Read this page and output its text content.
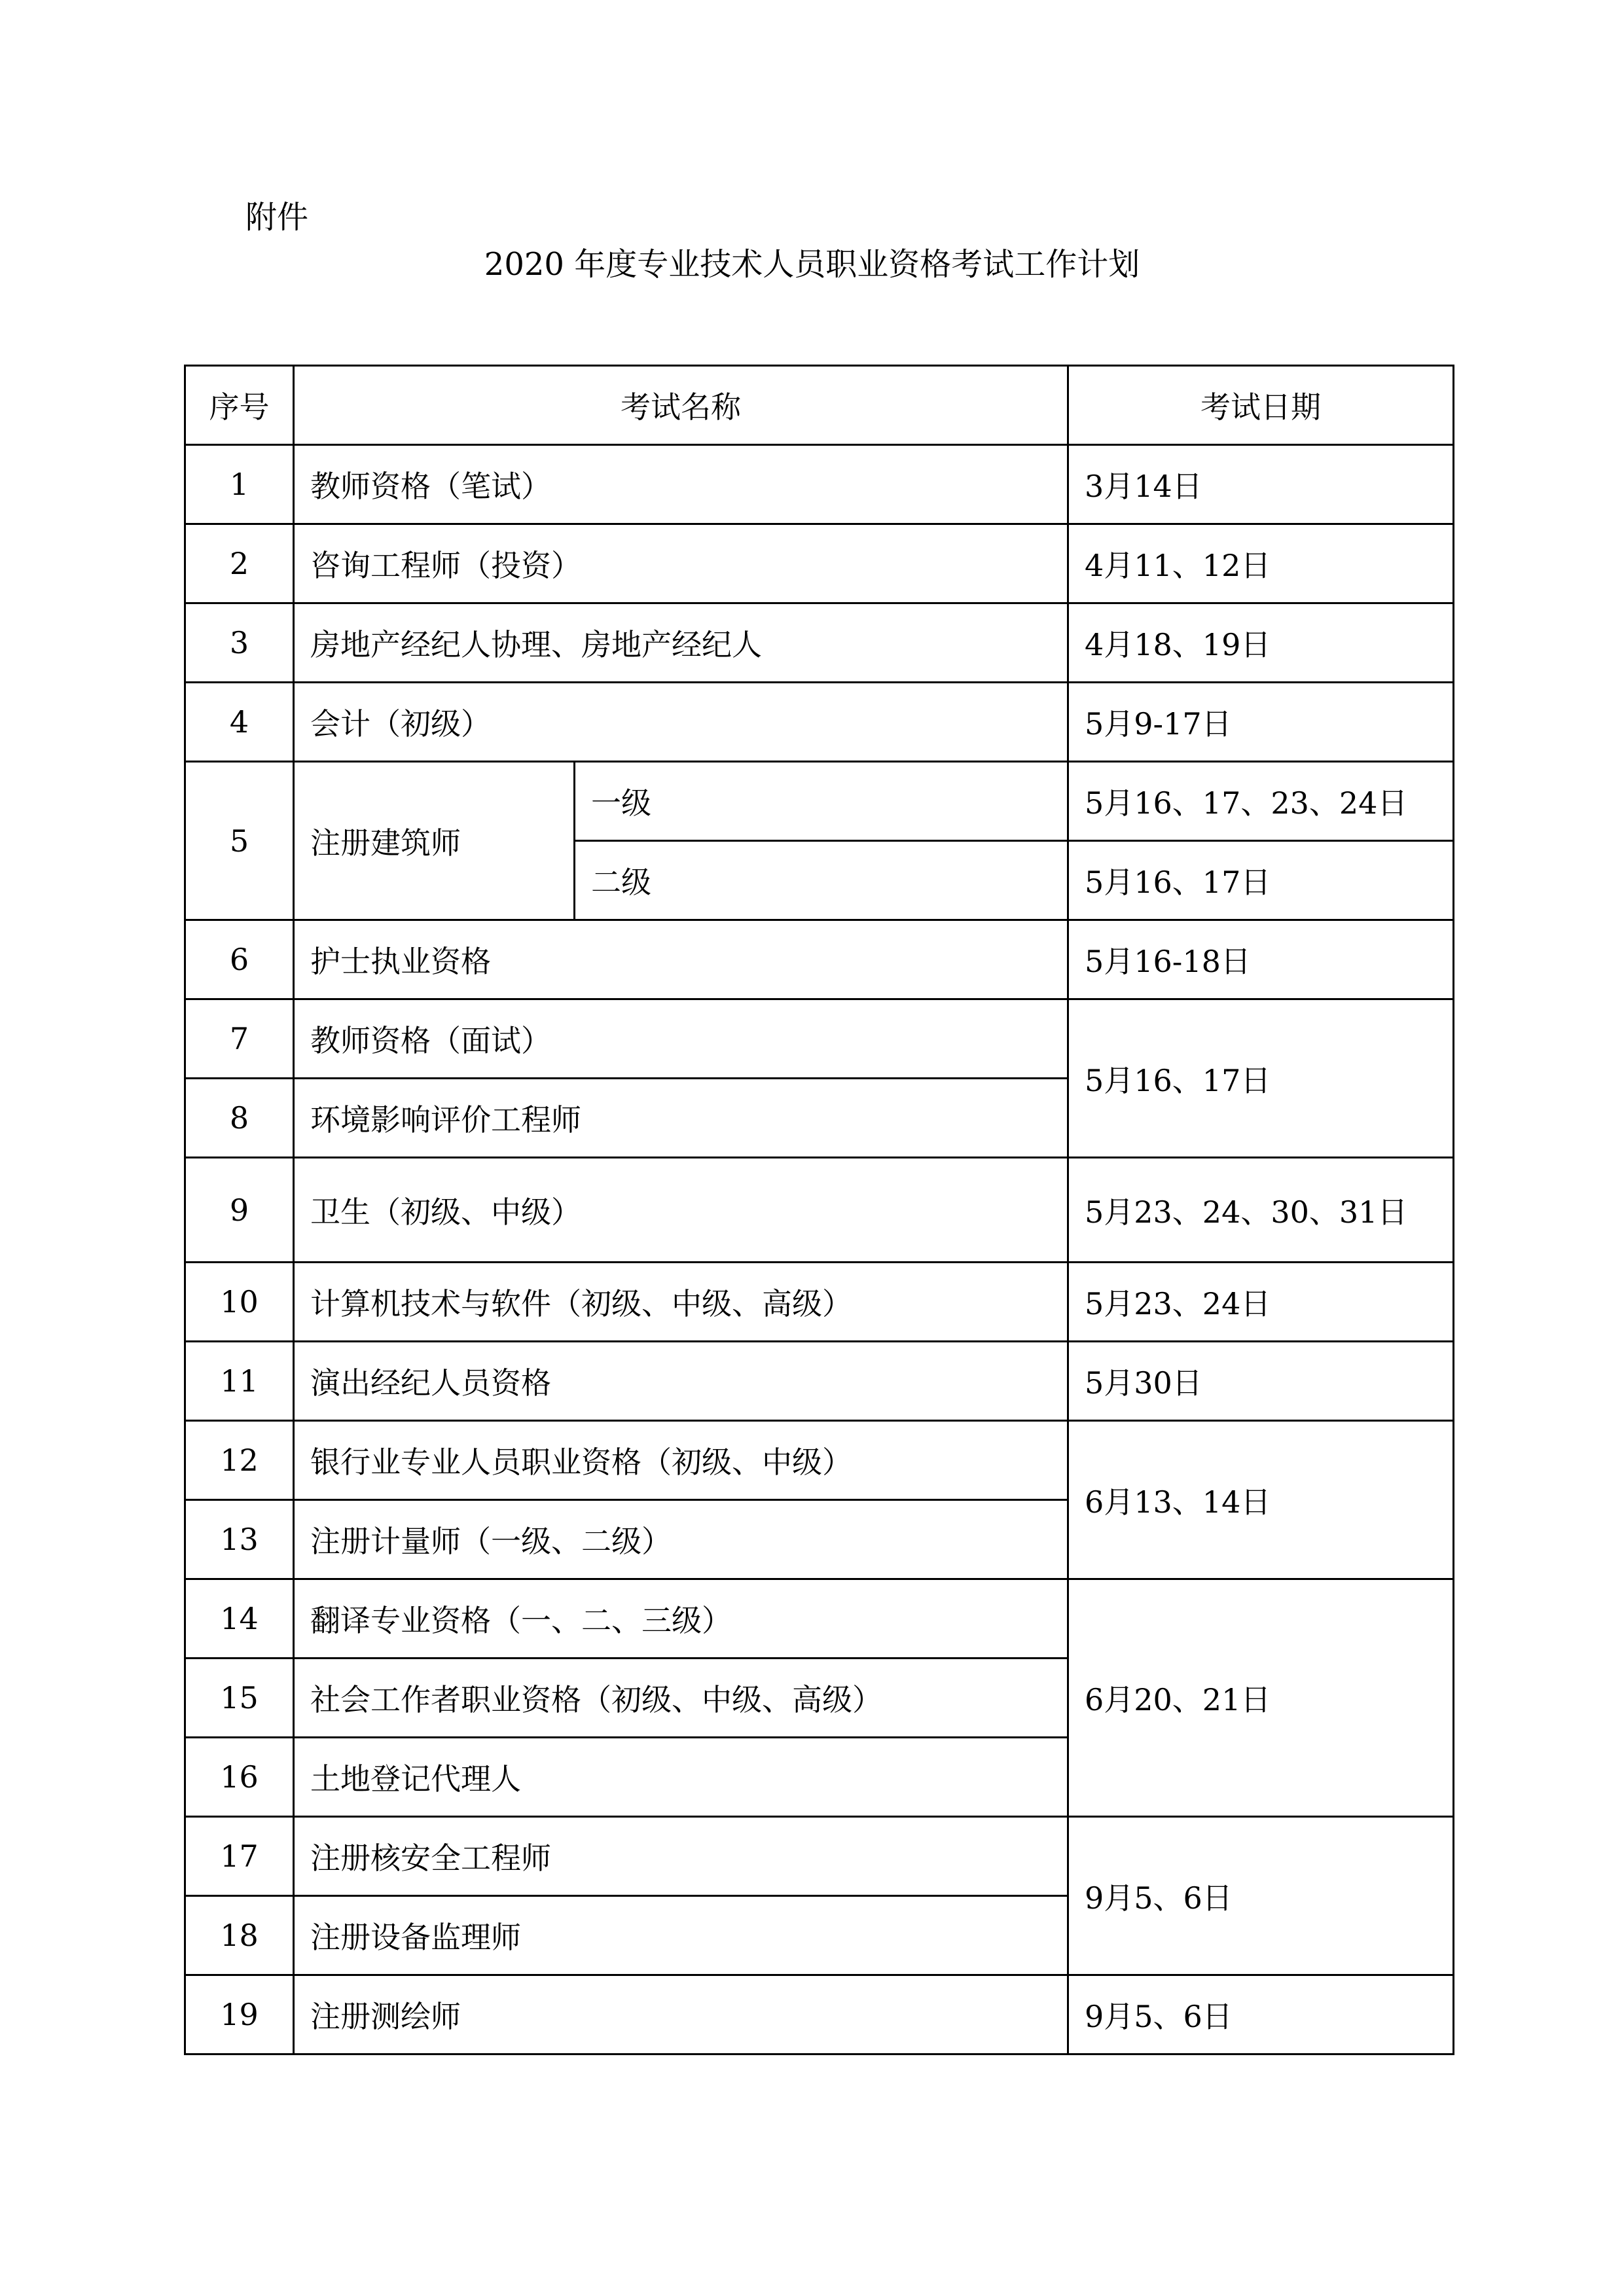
附件
2020 年度专业技术人员职业资格考试工作计划
序号	考试名称		考试日期
1	教师资格（笔试）		3月14日
2	咨询工程师（投资）		4月11、12日
3	房地产经纪人协理、房地产经纪人		4月18、19日
4	会计（初级）		5月9-17日
5	注册建筑师	一级	5月16、17、23、24日
		二级	5月16、17日
6	护士执业资格		5月16-18日
7	教师资格（面试）		5月16、17日
8	环境影响评价工程师		
9	卫生（初级、中级）		5月23、24、30、31日
10	计算机技术与软件（初级、中级、高级）		5月23、24日
11	演出经纪人员资格		5月30日
12	银行业专业人员职业资格（初级、中级）		6月13、14日
13	注册计量师（一级、二级）		
14	翻译专业资格（一、二、三级）		6月20、21日
15	社会工作者职业资格（初级、中级、高级）		
16	土地登记代理人		
17	注册核安全工程师		9月5、6日
18	注册设备监理师		
19	注册测绘师		9月5、6日
